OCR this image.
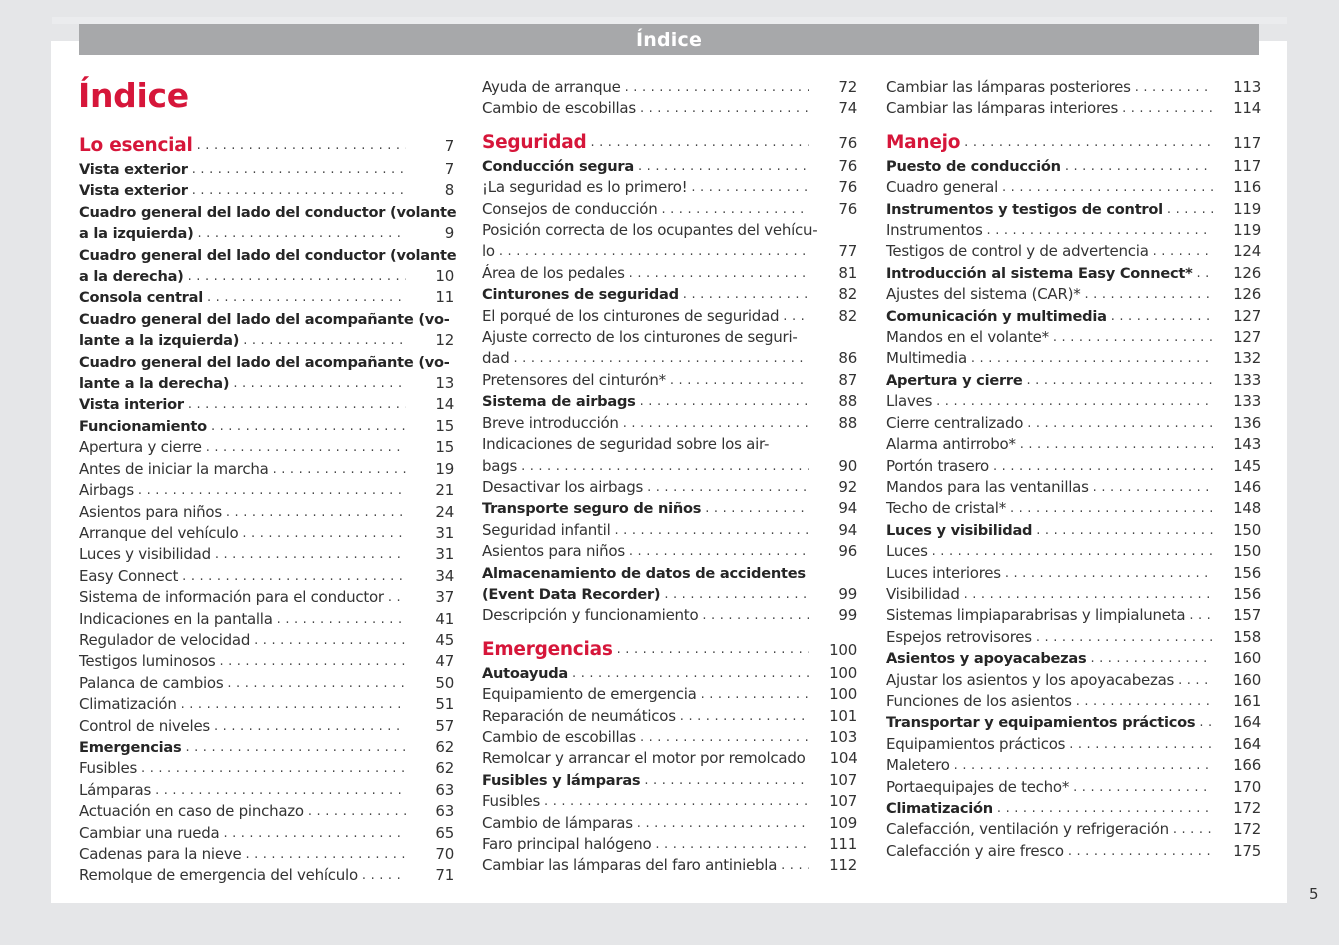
Índice
Índice
Lo esencial . . .	7
Vista exterior . . .	7
Vista exterior . . .	8
Cuadro general del lado del conductor (volante
a la izquierda) . . .	9
Cuadro general del lado del conductor (volante
a la derecha) . . .	10
Consola central . . .	11
Cuadro general del lado del acompañante (vo-
lante a la izquierda) . . .	12
Cuadro general del lado del acompañante (vo-
lante a la derecha) . . .	13
Vista interior . . .	14
Funcionamiento . . .	15
Apertura y cierre . . .	15
Antes de iniciar la marcha . . .	19
Airbags . . .	21
Asientos para niños . . .	24
Arranque del vehículo . . .	31
Luces y visibilidad . . .	31
Easy Connect . . .	34
Sistema de información para el conductor . . .	37
Indicaciones en la pantalla . . .	41
Regulador de velocidad . . .	45
Testigos luminosos . . .	47
Palanca de cambios . . .	50
Climatización . . .	51
Control de niveles . . .	57
Emergencias . . .	62
Fusibles . . .	62
Lámparas . . .	63
Actuación en caso de pinchazo . . .	63
Cambiar una rueda . . .	65
Cadenas para la nieve . . .	70
Remolque de emergencia del vehículo . . .	71
Ayuda de arranque . . .	72
Cambio de escobillas . . .	74
Seguridad . . .	76
Conducción segura . . .	76
¡La seguridad es lo primero! . . .	76
Consejos de conducción . . .	76
Posición correcta de los ocupantes del vehícu-
lo . . .	77
Área de los pedales . . .	81
Cinturones de seguridad . . .	82
El porqué de los cinturones de seguridad . . .	82
Ajuste correcto de los cinturones de seguri-
dad . . .	86
Pretensores del cinturón* . . .	87
Sistema de airbags . . .	88
Breve introducción . . .	88
Indicaciones de seguridad sobre los air-
bags . . .	90
Desactivar los airbags . . .	92
Transporte seguro de niños . . .	94
Seguridad infantil . . .	94
Asientos para niños . . .	96
Almacenamiento de datos de accidentes
(Event Data Recorder) . . .	99
Descripción y funcionamiento . . .	99
Emergencias . . .	100
Autoayuda . . .	100
Equipamiento de emergencia . . .	100
Reparación de neumáticos . . .	101
Cambio de escobillas . . .	103
Remolcar y arrancar el motor por remolcado	104
Fusibles y lámparas . . .	107
Fusibles . . .	107
Cambio de lámparas . . .	109
Faro principal halógeno . . .	111
Cambiar las lámparas del faro antiniebla . . .	112
Cambiar las lámparas posteriores . . .	113
Cambiar las lámparas interiores . . .	114
Manejo . . .	117
Puesto de conducción . . .	117
Cuadro general . . .	116
Instrumentos y testigos de control . . .	119
Instrumentos . . .	119
Testigos de control y de advertencia . . .	124
Introducción al sistema Easy Connect* . . .	126
Ajustes del sistema (CAR)* . . .	126
Comunicación y multimedia . . .	127
Mandos en el volante* . . .	127
Multimedia . . .	132
Apertura y cierre . . .	133
Llaves . . .	133
Cierre centralizado . . .	136
Alarma antirrobo* . . .	143
Portón trasero . . .	145
Mandos para las ventanillas . . .	146
Techo de cristal* . . .	148
Luces y visibilidad . . .	150
Luces . . .	150
Luces interiores . . .	156
Visibilidad . . .	156
Sistemas limpiaparabrisas y limpialuneta . . .	157
Espejos retrovisores . . .	158
Asientos y apoyacabezas . . .	160
Ajustar los asientos y los apoyacabezas . . .	160
Funciones de los asientos . . .	161
Transportar y equipamientos prácticos . . .	164
Equipamientos prácticos . . .	164
Maletero . . .	166
Portaequipajes de techo* . . .	170
Climatización . . .	172
Calefacción, ventilación y refrigeración . . .	172
Calefacción y aire fresco . . .	175
5
